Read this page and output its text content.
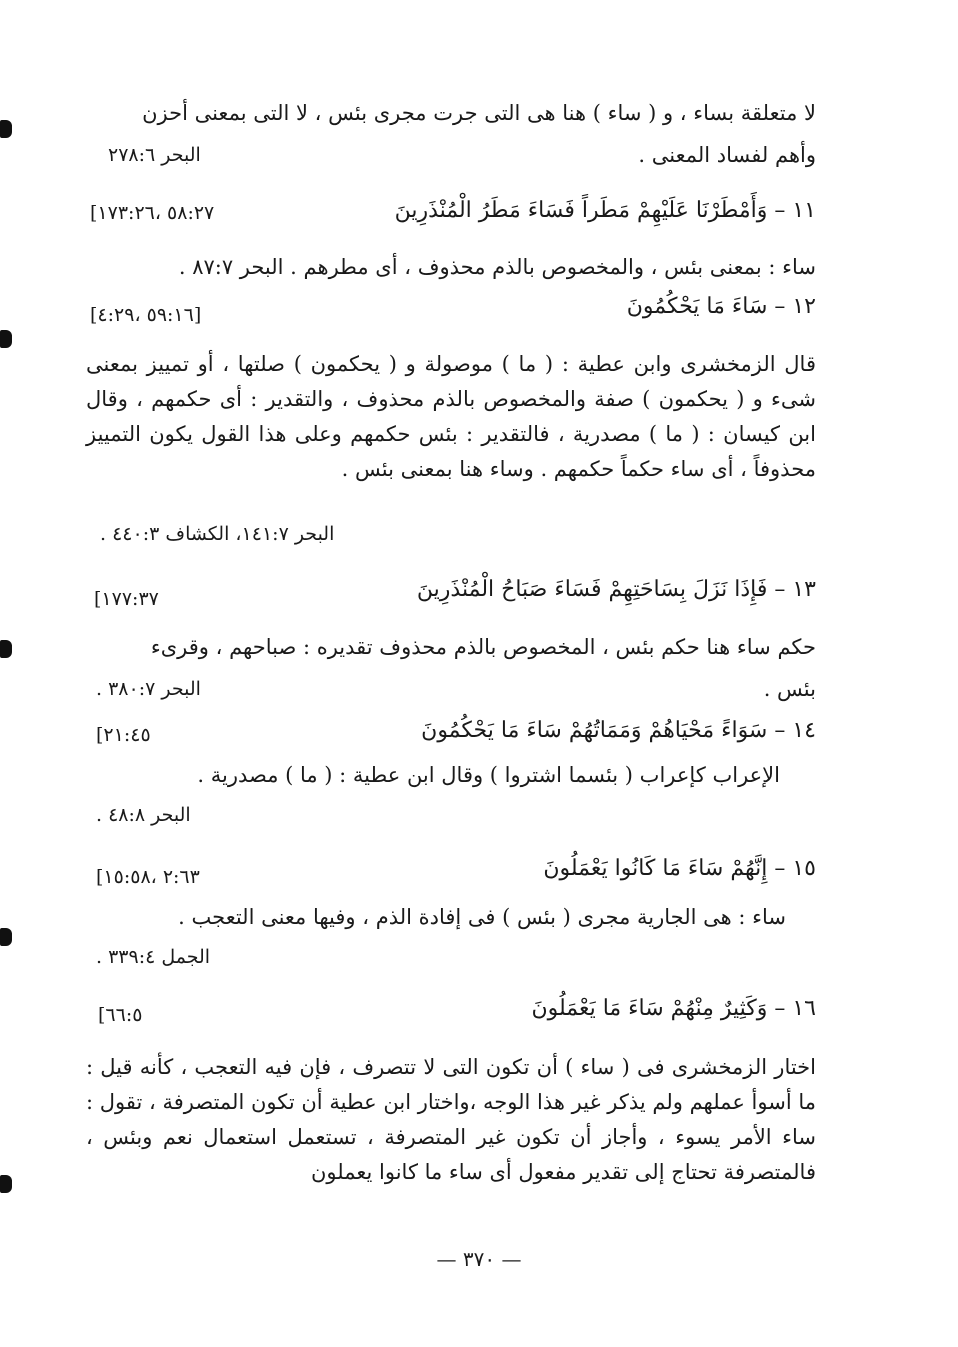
لا متعلقة بساء ، و ( ساء ) هنا هى التى جرت مجرى بئس ، لا التى بمعنى أحزن
وأهم لفساد المعنى .
البحر ٢٧٨:٦
١١ – وَأَمْطَرْنَا عَلَيْهِمْ مَطَراً فَسَاءَ مَطَرُ الْمُنْذَرِينَ
[٥٨:٢٧ ،١٧٣:٢٦
ساء : بمعنى بئس ، والمخصوص بالذم محذوف ، أى مطرهم . البحر ٨٧:٧ .
١٢ – سَاءَ مَا يَحْكُمُونَ
[٥٩:١٦ ،٤:٢٩]
قال الزمخشرى وابن عطية : ( ما ) موصولة و ( يحكمون ) صلتها ، أو تمييز بمعنى شىء و ( يحكمون ) صفة والمخصوص بالذم محذوف ، والتقدير : أى حكمهم ، وقال ابن كيسان : ( ما ) مصدرية ، فالتقدير : بئس حكمهم وعلى هذا القول يكون التمييز محذوفاً ، أى ساء حكماً حكمهم . وساء هنا بمعنى بئس .
البحر ١٤١:٧، الكشاف ٤٤٠:٣ .
١٣ – فَإِذَا نَزَلَ بِسَاحَتِهِمْ فَسَاءَ صَبَاحُ الْمُنْذَرِينَ
[١٧٧:٣٧
حكم ساء هنا حكم بئس ، المخصوص بالذم محذوف تقديره : صباحهم ، وقرىء
بئس .
البحر ٣٨٠:٧ .
١٤ – سَوَاءً مَحْيَاهُمْ وَمَمَاتُهُمْ سَاءَ مَا يَحْكُمُونَ
[٢١:٤٥
الإعراب كإعراب ( بئسما اشتروا ) وقال ابن عطية : ( ما ) مصدرية .
البحر ٤٨:٨ .
١٥ – إِنَّهُمْ سَاءَ مَا كَانُوا يَعْمَلُونَ
[٢:٦٣ ،١٥:٥٨
ساء : هى الجارية مجرى ( بئس ) فى إفادة الذم ، وفيها معنى التعجب .
الجمل ٣٣٩:٤ .
١٦ – وَكَثِيرٌ مِنْهُمْ سَاءَ مَا يَعْمَلُونَ
[٦٦:٥
اختار الزمخشرى فى ( ساء ) أن تكون التى لا تتصرف ، فإن فيه التعجب ، كأنه قيل : ما أسوأ عملهم ولم يذكر غير هذا الوجه ،واختار ابن عطية أن تكون المتصرفة ، تقول : ساء الأمر يسوء ، وأجاز أن تكون غير المتصرفة ، تستعمل استعمال نعم وبئس ، فالمتصرفة تحتاج إلى تقدير مفعول أى ساء ما كانوا يعملون
— ٣٧٠ —
